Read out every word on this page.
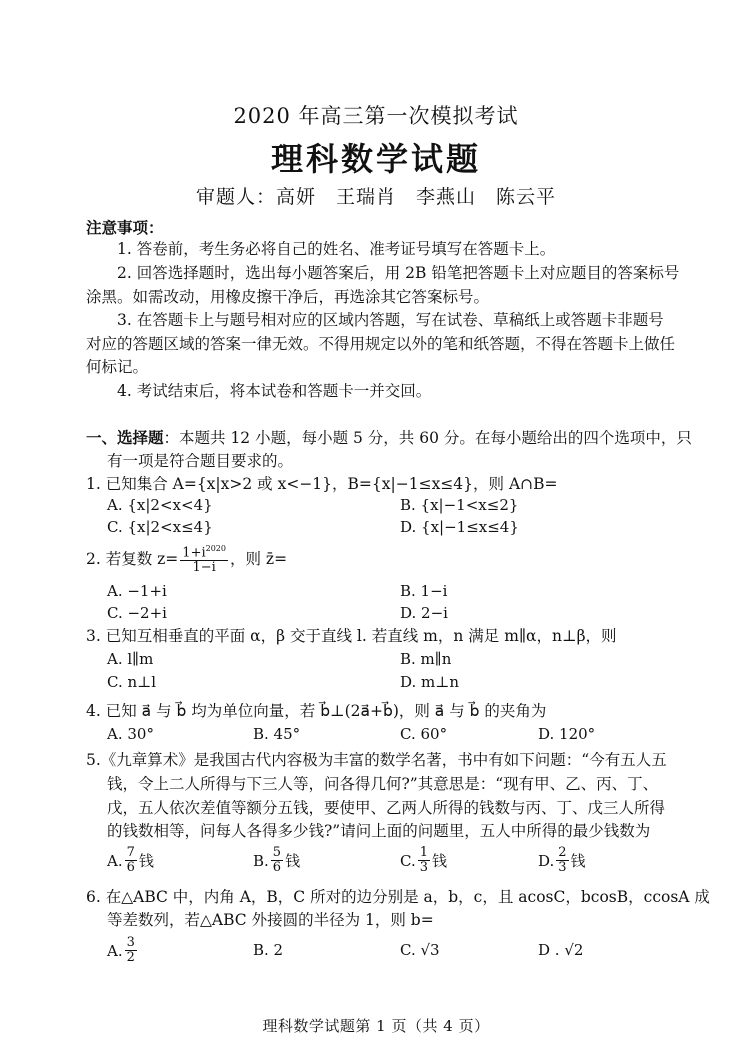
2020 年高三第一次模拟考试
理科数学试题
审题人：高妍　王瑞肖　李燕山　陈云平
注意事项：
1. 答卷前，考生务必将自己的姓名、准考证号填写在答题卡上。
2. 回答选择题时，选出每小题答案后，用 2B 铅笔把答题卡上对应题目的答案标号
涂黑。如需改动，用橡皮擦干净后，再选涂其它答案标号。
3. 在答题卡上与题号相对应的区域内答题，写在试卷、草稿纸上或答题卡非题号
对应的答题区域的答案一律无效。不得用规定以外的笔和纸答题，不得在答题卡上做任
何标记。
4. 考试结束后，将本试卷和答题卡一并交回。
一、选择题：本题共 12 小题，每小题 5 分，共 60 分。在每小题给出的四个选项中，只
有一项是符合题目要求的。
1. 已知集合 A={x|x>2 或 x<−1}，B={x|−1≤x≤4}，则 A∩B=
A. {x|2<x<4}	B. {x|−1<x≤2}
C. {x|2<x≤4}	D. {x|−1≤x≤4}
2. 若复数 $z= \frac{1+i^{2020}}{1-i}$ ，则 z̄=
A. −1+i	B. 1−i
C. −2+i	D. 2−i
3. 已知互相垂直的平面 α，β 交于直线 l. 若直线 m，n 满足 m∥α，n⊥β，则
A. l∥m	B. m∥n
C. n⊥l	D. m⊥n
4. 已知 a⃗ 与 b⃗ 均为单位向量，若 b⃗⊥(2a⃗+b⃗)，则 a⃗ 与 b⃗ 的夹角为
A. 30°	B. 45°	C. 60°	D. 120°
5.《九章算术》是我国古代内容极为丰富的数学名著，书中有如下问题：“今有五人五
钱，令上二人所得与下三人等，问各得几何?”其意思是：“现有甲、乙、丙、丁、
戊，五人依次差值等额分五钱，要使甲、乙两人所得的钱数与丙、丁、戊三人所得
的钱数相等，问每人各得多少钱?”请问上面的问题里，五人中所得的最少钱数为
A. $\frac{7}{6}$ 钱	B. $\frac{5}{6}$ 钱	C. $\frac{1}{3}$ 钱	D. $\frac{2}{3}$ 钱
6. 在△ABC 中，内角 A，B，C 所对的边分别是 a，b，c，且 acosC，bcosB，ccosA 成
等差数列，若△ABC 外接圆的半径为 1，则 b=
A. $\frac{3}{2}$	B. 2	C. √3	D . √2
理科数学试题第 1 页（共 4 页）
